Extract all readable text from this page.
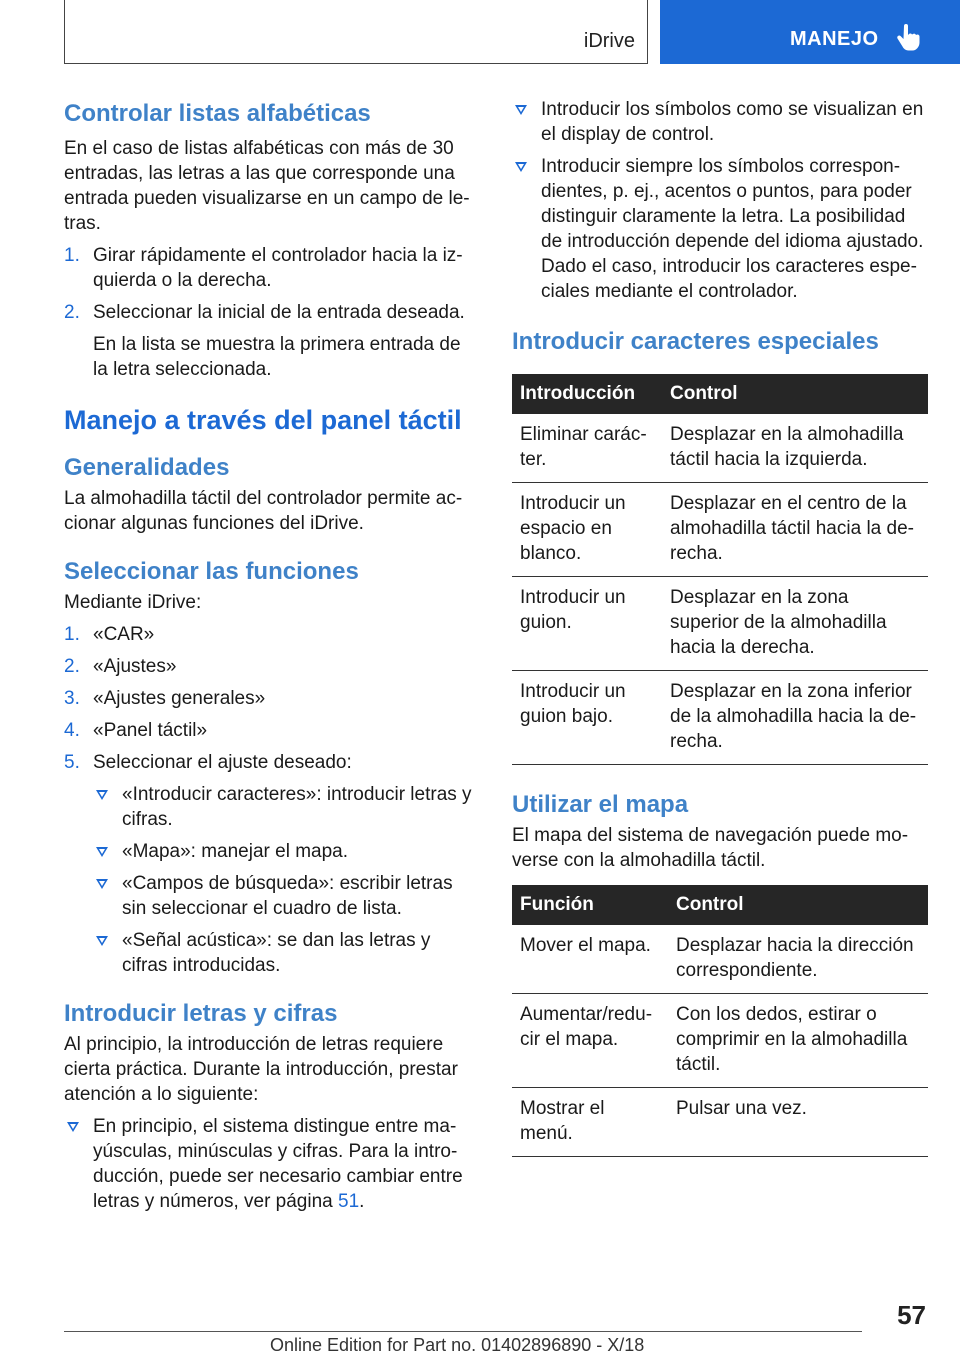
iDrive	MANEJO
Controlar listas alfabéticas

En el caso de listas alfabéticas con más de 30 entradas, las letras a las que corresponde una entrada pueden visualizarse en un campo de letras.

1. Girar rápidamente el controlador hacia la izquierda o la derecha.
2. Seleccionar la inicial de la entrada deseada.

En la lista se muestra la primera entrada de la letra seleccionada.

Manejo a través del panel táctil
Generalidades

La almohadilla táctil del controlador permite accionar algunas funciones del iDrive.

Seleccionar las funciones

Mediante iDrive:

1. «CAR»
2. «Ajustes»
3. «Ajustes generales»
4. «Panel táctil»
5. Seleccionar el ajuste deseado:
«Introducir caracteres»: introducir letras y cifras.
«Mapa»: manejar el mapa.
«Campos de búsqueda»: escribir letras sin seleccionar el cuadro de lista.
«Señal acústica»: se dan las letras y cifras introducidas.
Introducir letras y cifras

Al principio, la introducción de letras requiere cierta práctica. Durante la introducción, prestar atención a lo siguiente:

En principio, el sistema distingue entre mayúsculas, minúsculas y cifras. Para la introducción, puede ser necesario cambiar entre letras y números, ver página 51.
Introducir los símbolos como se visualizan en el display de control.
Introducir siempre los símbolos correspondientes, p. ej., acentos o puntos, para poder distinguir claramente la letra. La posibilidad de introducción depende del idioma ajustado. Dado el caso, introducir los caracteres especiales mediante el controlador.
Introducir caracteres especiales
Introducción	Control
Eliminar carácter.	Desplazar en la almohadilla táctil hacia la izquierda.
Introducir un espacio en blanco.	Desplazar en el centro de la almohadilla táctil hacia la derecha.
Introducir un guion.	Desplazar en la zona superior de la almohadilla hacia la derecha.
Introducir un guion bajo.	Desplazar en la zona inferior de la almohadilla hacia la derecha.
Utilizar el mapa

El mapa del sistema de navegación puede moverse con la almohadilla táctil.

Función	Control
Mover el mapa.	Desplazar hacia la dirección correspondiente.
Aumentar/reducir el mapa.	Con los dedos, estirar o comprimir en la almohadilla táctil.
Mostrar el menú.	Pulsar una vez.
57
Online Edition for Part no. 01402896890 - X/18
